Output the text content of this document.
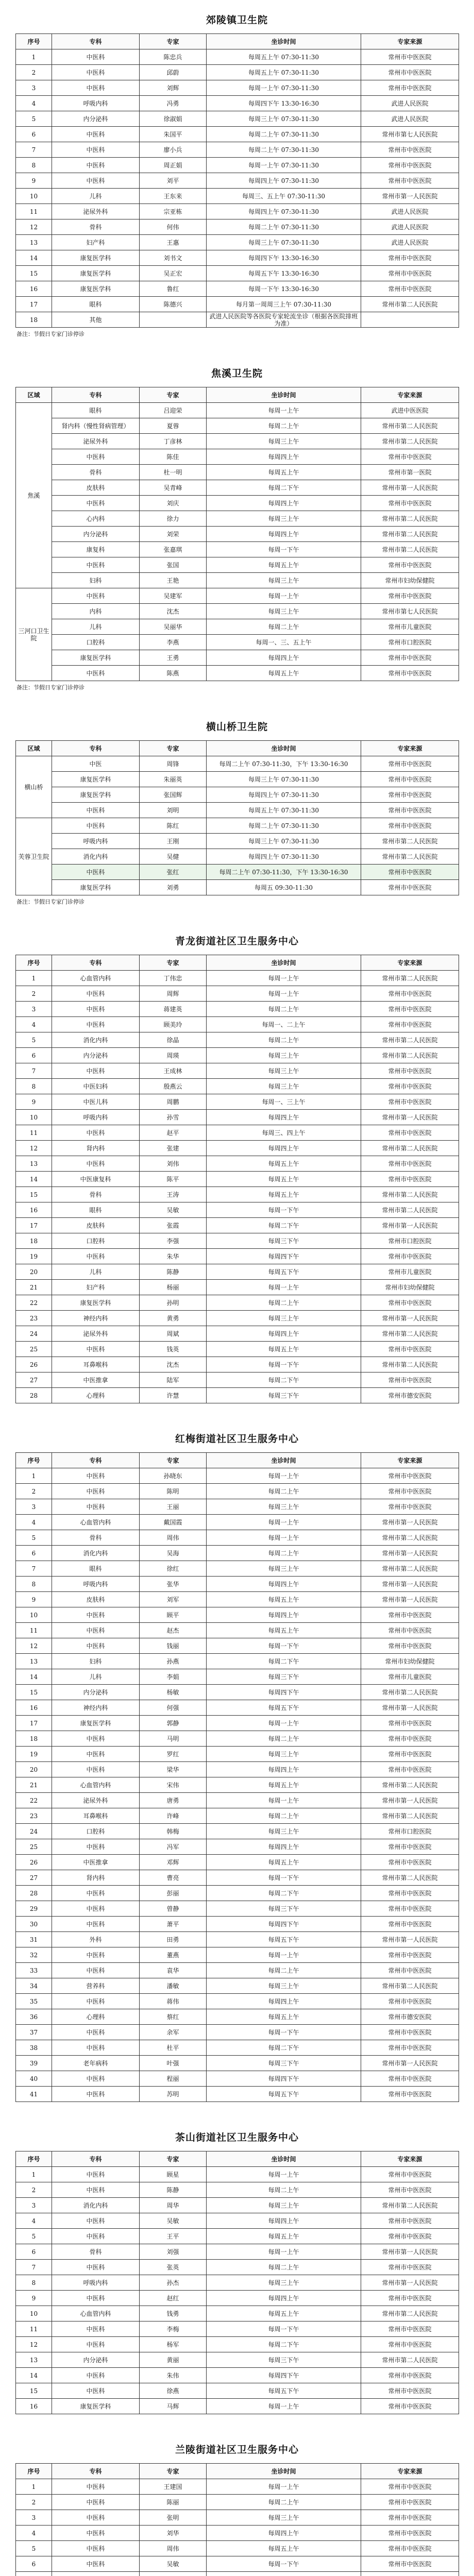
郊陵镇卫生院
序号	专科	专家	坐诊时间	专家来源
1	中医科	陈忠兵	每周五上午 07:30-11:30	常州市中医医院
2	中医科	邱蔚	每周五上午 07:30-11:30	常州市中医医院
3	中医科	刘辉	每周一上午 07:30-11:30	常州市中医医院
4	呼吸内科	冯勇	每周四下午 13:30-16:30	武进人民医院
5	内分泌科	徐淑娟	每周三上午 07:30-11:30	武进人民医院
6	中医科	朱国平	每周二上午 07:30-11:30	常州市第七人民医院
7	中医科	廖小兵	每周二上午 07:30-11:30	常州市中医医院
8	中医科	周正娟	每周一上午 07:30-11:30	常州市中医医院
9	中医科	刘平	每周四上午 07:30-11:30	常州市中医医院
10	儿科	王东来	每周三、五上午 07:30-11:30	常州市第一人民医院
11	泌尿外科	宗亚栋	每周四上午 07:30-11:30	武进人民医院
12	骨科	何伟	每周二上午 07:30-11:30	武进人民医院
13	妇产科	王惠	每周三上午 07:30-11:30	武进人民医院
14	康复医学科	刘书文	每周四下午 13:30-16:30	常州市中医医院
15	康复医学科	吴正宏	每周五下午 13:30-16:30	常州市中医医院
16	康复医学科	鲁红	每周一下午 13:30-16:30	常州市中医医院
17	眼科	陈德兴	每月第一周周三上午 07:30-11:30	常州市第二人民医院
18	其他		武进人民医院等各医院专家轮流坐诊（根据各医院排班为准）	
备注：节假日专家门诊停诊
焦溪卫生院
区域	专科	专家	坐诊时间	专家来源
焦溪	眼科	吕迎荣	每周一上午	武进中医医院
	肾内科（慢性肾病管理）	夏蓉	每周二上午	常州市第二人民医院
	泌尿外科	丁彦林	每周三上午	常州市第二人民医院
	中医科	陈佳	每周四上午	常州市中医医院
	骨科	杜一明	每周五上午	常州市第一医院
	皮肤科	吴青峰	每周二下午	常州市第一人民医院
	中医科	刘庆	每周四上午	常州市中医医院
	心内科	徐力	每周三上午	常州市第二人民医院
	内分泌科	刘荣	每周四上午	常州市第二人民医院
	康复科	张嘉琪	每周一下午	常州市第二人民医院
	中医科	张国	每周五上午	常州市中医医院
	妇科	王艳	每周三上午	常州市妇幼保健院
三河口卫生院	中医科	吴建军	每周一上午	常州市中医医院
	内科	沈杰	每周三上午	常州市第七人民医院
	儿科	吴丽华	每周二上午	常州市儿童医院
	口腔科	李燕	每周一、三、五上午	常州市口腔医院
	康复医学科	王勇	每周四上午	常州市中医医院
	中医科	陈燕	每周五上午	常州市中医医院
备注：节假日专家门诊停诊
横山桥卫生院
区域	专科	专家	坐诊时间	专家来源
横山桥	中医	周锋	每周二上午 07:30-11:30，下午 13:30-16:30	常州市中医医院
	康复医学科	朱丽英	每周三上午 07:30-11:30	常州市中医医院
	康复医学科	张国辉	每周四上午 07:30-11:30	常州市中医医院
	中医科	刘明	每周五上午 07:30-11:30	常州市中医医院
芙蓉卫生院	中医科	陈红	每周二上午 07:30-11:30	常州市中医医院
	呼吸内科	王刚	每周三上午 07:30-11:30	常州市第二人民医院
	消化内科	吴健	每周四上午 07:30-11:30	常州市第二人民医院
	中医科	张红	每周二上午 07:30-11:30，下午 13:30-16:30	常州市中医医院
	康复医学科	刘勇	每周五 09:30-11:30	常州市中医医院
备注：节假日专家门诊停诊
青龙街道社区卫生服务中心
序号	专科	专家	坐诊时间	专家来源
1	心血管内科	丁伟忠	每周一上午	常州市第二人民医院
2	中医科	周辉	每周一上午	常州市中医医院
3	中医科	蒋建英	每周二上午	常州市中医医院
4	中医科	顾美玲	每周一、二上午	常州市中医医院
5	消化内科	徐晶	每周二上午	常州市第二人民医院
6	内分泌科	周瑛	每周三上午	常州市第二人民医院
7	中医科	王成林	每周三上午	常州市中医医院
8	中医妇科	殷燕云	每周三上午	常州市中医医院
9	中医儿科	周鹏	每周一、三上午	常州市中医医院
10	呼吸内科	孙雪	每周四上午	常州市第一人民医院
11	中医科	赵平	每周三、四上午	常州市中医医院
12	肾内科	张建	每周四上午	常州市第二人民医院
13	中医科	刘伟	每周五上午	常州市中医医院
14	中医康复科	陈平	每周五上午	常州市中医医院
15	骨科	王涛	每周五上午	常州市第二人民医院
16	眼科	吴敏	每周一下午	常州市第二人民医院
17	皮肤科	张霞	每周二下午	常州市第一人民医院
18	口腔科	李强	每周三下午	常州市口腔医院
19	中医科	朱华	每周四下午	常州市中医医院
20	儿科	陈静	每周五下午	常州市儿童医院
21	妇产科	杨丽	每周一上午	常州市妇幼保健院
22	康复医学科	孙明	每周二上午	常州市中医医院
23	神经内科	黄勇	每周三上午	常州市第一人民医院
24	泌尿外科	周斌	每周四上午	常州市第二人民医院
25	中医科	钱英	每周五上午	常州市中医医院
26	耳鼻喉科	沈杰	每周一下午	常州市第二人民医院
27	中医推拿	陆军	每周二下午	常州市中医医院
28	心理科	许慧	每周三下午	常州市德安医院
红梅街道社区卫生服务中心
序号	专科	专家	坐诊时间	专家来源
1	中医科	孙晓东	每周一上午	常州市中医医院
2	中医科	陈明	每周二上午	常州市中医医院
3	中医科	王丽	每周三上午	常州市中医医院
4	心血管内科	戴国霞	每周一上午	常州市第一人民医院
5	骨科	周伟	每周一上午	常州市第二人民医院
6	消化内科	吴海	每周二上午	常州市第一人民医院
7	眼科	徐红	每周三上午	常州市第二人民医院
8	呼吸内科	张华	每周四上午	常州市第一人民医院
9	皮肤科	刘军	每周五上午	常州市第一人民医院
10	中医科	顾平	每周四上午	常州市中医医院
11	中医科	赵杰	每周五上午	常州市中医医院
12	中医科	钱丽	每周一下午	常州市中医医院
13	妇科	孙燕	每周二下午	常州市妇幼保健院
14	儿科	李娟	每周三下午	常州市儿童医院
15	内分泌科	杨敏	每周四下午	常州市第二人民医院
16	神经内科	何强	每周五下午	常州市第一人民医院
17	康复医学科	郭静	每周一上午	常州市中医医院
18	中医科	马明	每周二上午	常州市中医医院
19	中医科	罗红	每周三上午	常州市中医医院
20	中医科	梁华	每周四上午	常州市中医医院
21	心血管内科	宋伟	每周五上午	常州市第二人民医院
22	泌尿外科	唐勇	每周一上午	常州市第一人民医院
23	耳鼻喉科	许峰	每周二上午	常州市第二人民医院
24	口腔科	韩梅	每周三上午	常州市口腔医院
25	中医科	冯军	每周四上午	常州市中医医院
26	中医推拿	邓辉	每周五上午	常州市中医医院
27	肾内科	曹亮	每周一下午	常州市第二人民医院
28	中医科	彭丽	每周二下午	常州市中医医院
29	中医科	曾静	每周三下午	常州市中医医院
30	中医科	萧平	每周四下午	常州市中医医院
31	外科	田勇	每周五下午	常州市第一人民医院
32	中医科	董燕	每周一上午	常州市中医医院
33	中医科	袁华	每周二上午	常州市中医医院
34	营养科	潘敏	每周三上午	常州市第二人民医院
35	中医科	蒋伟	每周四上午	常州市中医医院
36	心理科	蔡红	每周五上午	常州市德安医院
37	中医科	余军	每周一下午	常州市中医医院
38	中医科	杜平	每周二下午	常州市中医医院
39	老年病科	叶强	每周三下午	常州市第一人民医院
40	中医科	程丽	每周四下午	常州市中医医院
41	中医科	苏明	每周五下午	常州市中医医院
茶山街道社区卫生服务中心
序号	专科	专家	坐诊时间	专家来源
1	中医科	顾星	每周一上午	常州市中医医院
2	中医科	陈静	每周二上午	常州市中医医院
3	消化内科	周华	每周三上午	常州市第二人民医院
4	中医科	吴敏	每周四上午	常州市中医医院
5	中医科	王平	每周五上午	常州市中医医院
6	骨科	刘强	每周一上午	常州市第一人民医院
7	中医科	张英	每周二上午	常州市中医医院
8	呼吸内科	孙杰	每周三上午	常州市第一人民医院
9	中医科	赵红	每周四上午	常州市中医医院
10	心血管内科	钱勇	每周五上午	常州市第二人民医院
11	中医科	李梅	每周一下午	常州市中医医院
12	中医科	杨军	每周二下午	常州市中医医院
13	内分泌科	黄丽	每周三下午	常州市第二人民医院
14	中医科	朱伟	每周四下午	常州市中医医院
15	中医科	徐燕	每周五下午	常州市中医医院
16	康复医学科	马辉	每周一上午	常州市中医医院
兰陵街道社区卫生服务中心
序号	专科	专家	坐诊时间	专家来源
1	中医科	王建国	每周一上午	常州市中医医院
2	中医科	陈丽	每周二上午	常州市中医医院
3	中医科	张明	每周三上午	常州市中医医院
4	中医科	刘华	每周四上午	常州市中医医院
5	中医科	周伟	每周五上午	常州市中医医院
6	中医科	吴敏	每周一下午	常州市中医医院
